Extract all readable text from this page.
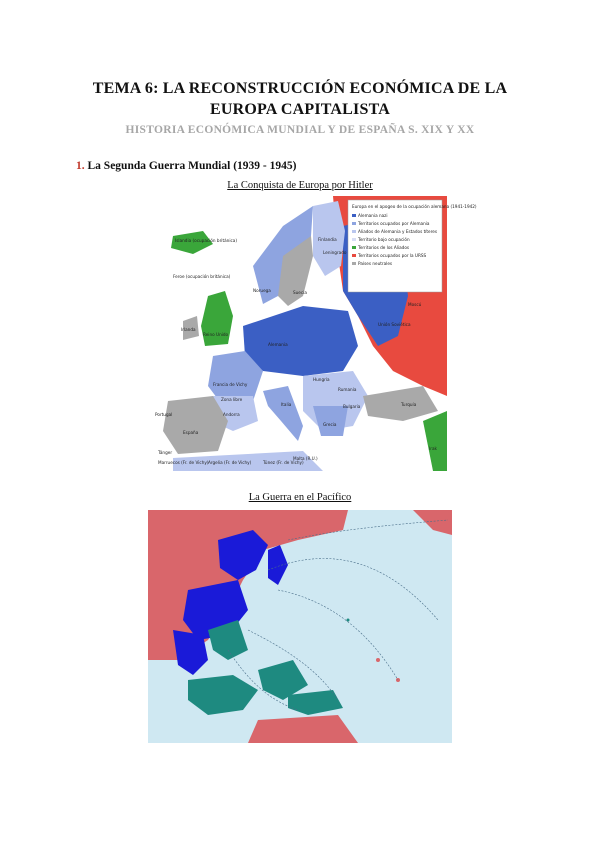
TEMA 6: LA RECONSTRUCCIÓN ECONÓMICA DE LA
EUROPA CAPITALISTA
HISTORIA ECONÓMICA MUNDIAL Y DE ESPAÑA S. XIX Y XX
1. La Segunda Guerra Mundial (1939 - 1945)
La Conquista de Europa por Hitler
Europa en el apogeo de la ocupación alemana (1941-1942)
Alemania nazi
Territorios ocupados por Alemania
Aliados de Alemania y Estados títeres
Territorio bajo ocupación
Territorios de los Aliados
Territorios ocupados por la URSS
Países neutrales
Islandia (ocupación británica)
Feroe (ocupación británica)
Finlandia
Leningrado
Moscú
Noruega	Suecia
Irlanda
Reino Unido
Alemania
Francia de Vichy
Zona libre
España
Portugal
Turquía
Unión Soviética
Italia
Rumanía
Hungría
Bulgaria
Grecia
Andorra
Tánger
Marruecos (Fr. de Vichy) Argelia (Fr. de Vichy)	Túnez (Fr. de Vichy)
Malta (R.U.)
Irak
La Guerra en el Pacífico
